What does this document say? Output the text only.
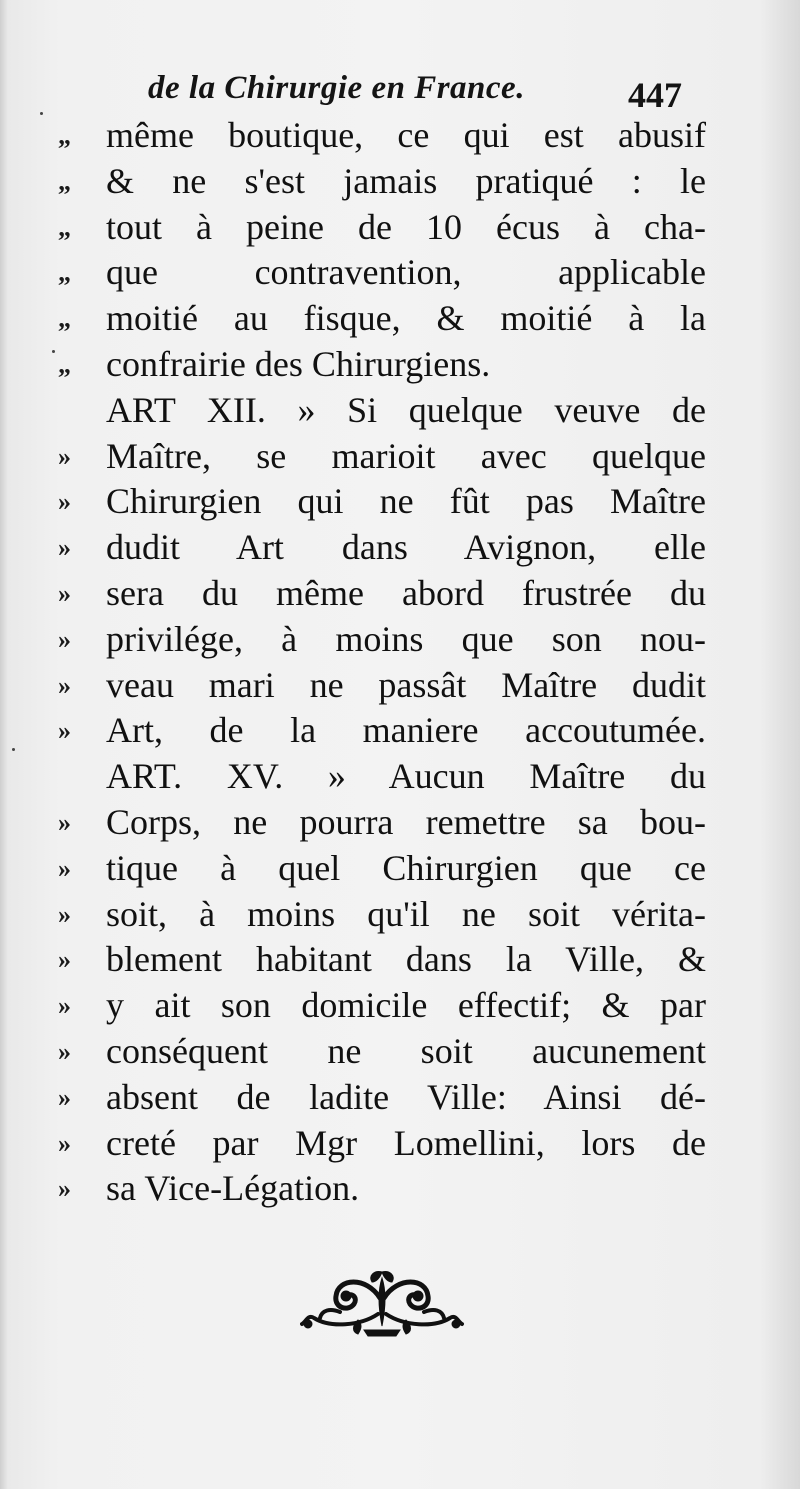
de la Chirurgie en France.	447
„ même boutique, ce qui est abusif
„ & ne s'est jamais pratiqué : le
„ tout à peine de 10 écus à cha-
„ que contravention, applicable
„ moitié au fisque, & moitié à la
„ confrairie des Chirurgiens.
ART XII. » Si quelque veuve de
» Maître, se marioit avec quelque
» Chirurgien qui ne fût pas Maître
» dudit Art dans Avignon, elle
» sera du même abord frustrée du
» privilége, à moins que son nou-
» veau mari ne passât Maître dudit
» Art, de la maniere accoutumée.
ART. XV. » Aucun Maître du
» Corps, ne pourra remettre sa bou-
» tique à quel Chirurgien que ce
» soit, à moins qu'il ne soit vérita-
» blement habitant dans la Ville, &
» y ait son domicile effectif; & par
» conséquent ne soit aucunement
» absent de ladite Ville: Ainsi dé-
» creté par Mgr Lomellini, lors de
» sa Vice-Légation.
